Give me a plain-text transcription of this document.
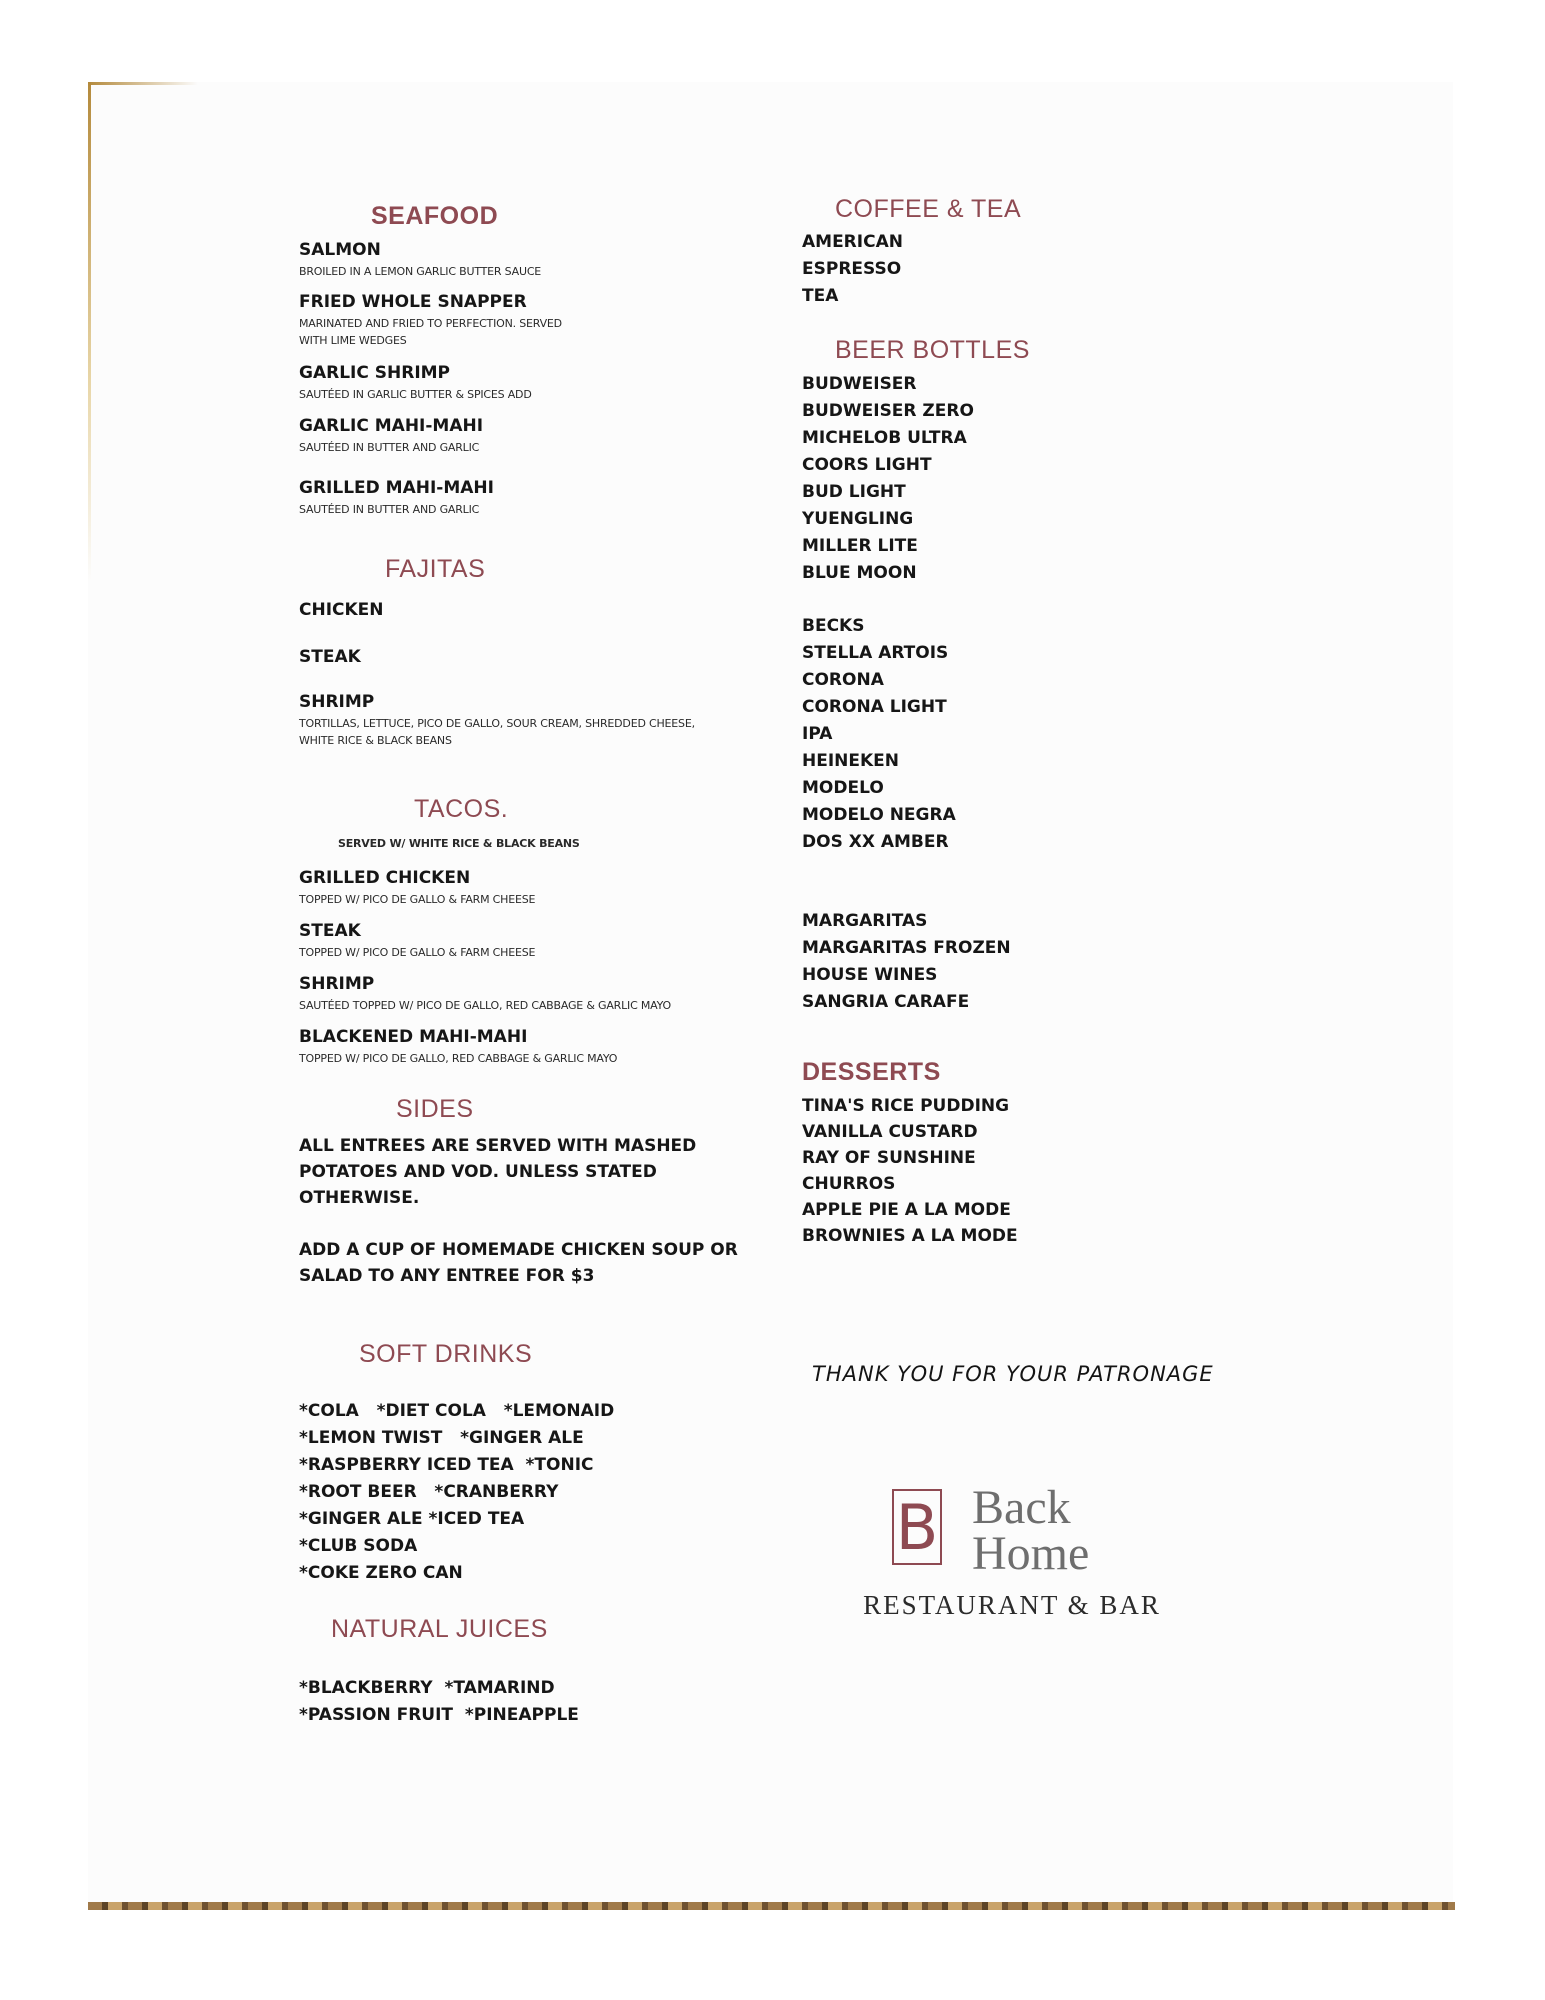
SEAFOOD
SALMON
BROILED IN A LEMON GARLIC BUTTER SAUCE
FRIED WHOLE SNAPPER
MARINATED AND FRIED TO PERFECTION. SERVED
WITH LIME WEDGES
GARLIC SHRIMP
SAUTÉED IN GARLIC BUTTER & SPICES ADD
GARLIC MAHI-MAHI
SAUTÉED IN BUTTER AND GARLIC
GRILLED MAHI-MAHI
SAUTÉED IN BUTTER AND GARLIC
FAJITAS
CHICKEN
STEAK
SHRIMP
TORTILLAS, LETTUCE, PICO DE GALLO, SOUR CREAM, SHREDDED CHEESE,
WHITE RICE & BLACK BEANS
TACOS.
SERVED W/ WHITE RICE & BLACK BEANS
GRILLED CHICKEN
TOPPED W/ PICO DE GALLO & FARM CHEESE
STEAK
TOPPED W/ PICO DE GALLO & FARM CHEESE
SHRIMP
SAUTÉED TOPPED W/ PICO DE GALLO, RED CABBAGE & GARLIC MAYO
BLACKENED MAHI-MAHI
TOPPED W/ PICO DE GALLO, RED CABBAGE & GARLIC MAYO
SIDES
ALL ENTREES ARE SERVED WITH MASHED
POTATOES AND VOD. UNLESS STATED
OTHERWISE.
ADD A CUP OF HOMEMADE CHICKEN SOUP OR
SALAD TO ANY ENTREE FOR $3
SOFT DRINKS
*COLA   *DIET COLA   *LEMONAID
*LEMON TWIST   *GINGER ALE
*RASPBERRY ICED TEA  *TONIC
*ROOT BEER   *CRANBERRY
*GINGER ALE *ICED TEA
*CLUB SODA
*COKE ZERO CAN
NATURAL JUICES
*BLACKBERRY  *TAMARIND
*PASSION FRUIT  *PINEAPPLE
COFFEE & TEA
AMERICAN
ESPRESSO
TEA
BEER BOTTLES
BUDWEISER
BUDWEISER ZERO
MICHELOB ULTRA
COORS LIGHT
BUD LIGHT
YUENGLING
MILLER LITE
BLUE MOON
BECKS
STELLA ARTOIS
CORONA
CORONA LIGHT
IPA
HEINEKEN
MODELO
MODELO NEGRA
DOS XX AMBER
MARGARITAS
MARGARITAS FROZEN
HOUSE WINES
SANGRIA CARAFE
DESSERTS
TINA'S RICE PUDDING
VANILLA CUSTARD
RAY OF SUNSHINE
CHURROS
APPLE PIE A LA MODE
BROWNIES A LA MODE
THANK YOU FOR YOUR PATRONAGE
B Back
Home
RESTAURANT & BAR
